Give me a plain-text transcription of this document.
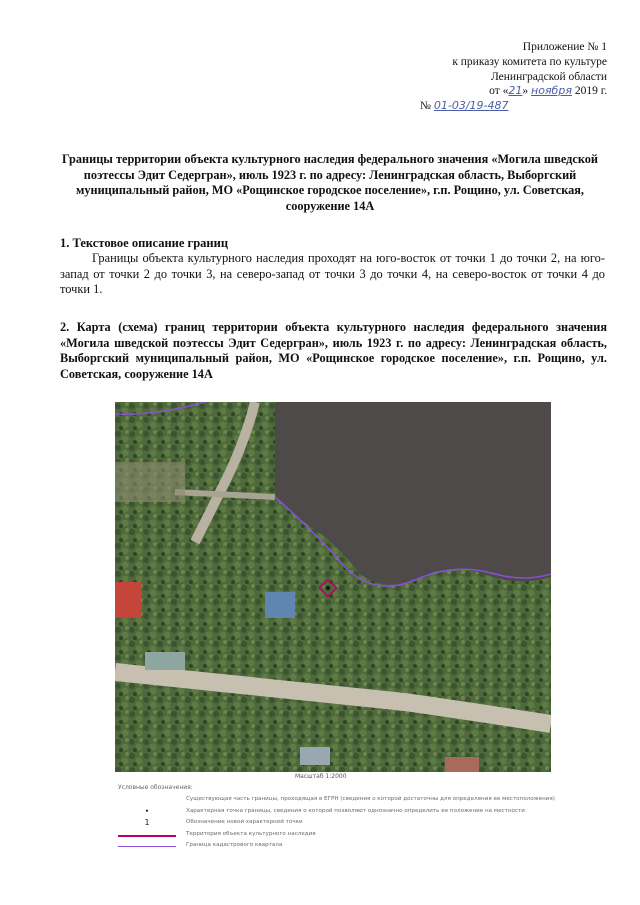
Приложение № 1
к приказу комитета по культуре
Ленинградской области
от «21» ноября 2019 г.
№ 01-03/19-487
Границы территории объекта культурного наследия федерального значения «Могила шведской поэтессы Эдит Седергран», июль 1923 г. по адресу: Ленинградская область, Выборгский муниципальный район, МО «Рощинское городское поселение», г.п. Рощино, ул. Советская, сооружение 14А
1. Текстовое описание границ
Границы объекта культурного наследия проходят на юго-восток от точки 1 до точки 2, на юго-запад от точки 2 до точки 3, на северо-запад от точки 3 до точки 4, на северо-восток от точки 4 до точки 1.
2. Карта (схема) границ территории объекта культурного наследия федерального значения «Могила шведской поэтессы Эдит Седергран», июль 1923 г. по адресу: Ленинградская область, Выборгский муниципальный район, МО «Рощинское городское поселение», г.п. Рощино, ул. Советская, сооружение 14А
Масштаб 1:2000
Условные обозначения:
Существующая часть границы, проходящая в ЕГРН (сведения о которой достаточны для определения ее местоположения)
•	Характерная точка границы, сведения о которой позволяют однозначно определить ее положение на местности
1	Обозначение новой характерной точки
Территория объекта культурного наследия
Граница кадастрового квартала
